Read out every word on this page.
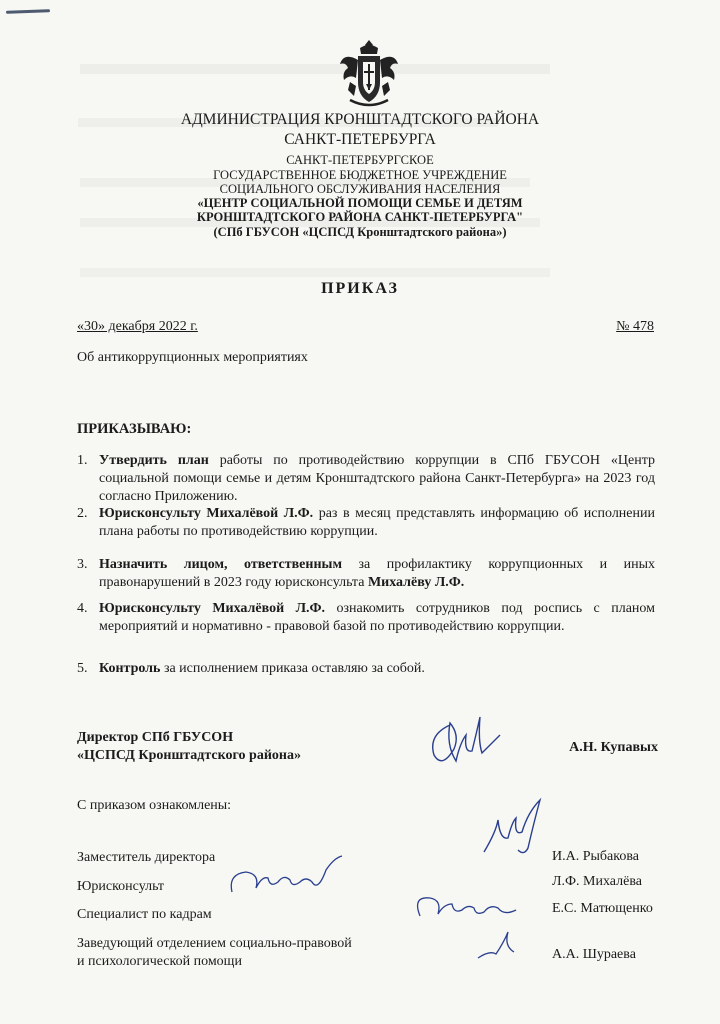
АДМИНИСТРАЦИЯ КРОНШТАДТСКОГО РАЙОНА
САНКТ-ПЕТЕРБУРГА
САНКТ-ПЕТЕРБУРГСКОЕ
ГОСУДАРСТВЕННОЕ БЮДЖЕТНОЕ УЧРЕЖДЕНИЕ
СОЦИАЛЬНОГО ОБСЛУЖИВАНИЯ НАСЕЛЕНИЯ
«ЦЕНТР СОЦИАЛЬНОЙ ПОМОЩИ СЕМЬЕ И ДЕТЯМ
КРОНШТАДТСКОГО РАЙОНА САНКТ-ПЕТЕРБУРГА"
(СПб ГБУСОН «ЦСПСД Кронштадтского района»)
ПРИКАЗ
«30» декабря 2022 г.	№ 478
Об антикоррупционных мероприятиях
ПРИКАЗЫВАЮ:
1. Утвердить план работы по противодействию коррупции в СПб ГБУСОН «Центр социальной помощи семье и детям Кронштадтского района Санкт-Петербурга» на 2023 год согласно Приложению.
2. Юрисконсульту Михалёвой Л.Ф. раз в месяц представлять информацию об исполнении плана работы по противодействию коррупции.
3. Назначить лицом, ответственным за профилактику коррупционных и иных правонарушений в 2023 году юрисконсульта Михалёву Л.Ф.
4. Юрисконсульту Михалёвой Л.Ф. ознакомить сотрудников под роспись с планом мероприятий и нормативно - правовой базой по противодействию коррупции.
5. Контроль за исполнением приказа оставляю за собой.
Директор СПб ГБУСОН
«ЦСПСД Кронштадтского района»
А.Н. Купавых
С приказом ознакомлены:
Заместитель директора
Юрисконсульт
Специалист по кадрам
Заведующий отделением социально-правовой
и психологической помощи
И.А. Рыбакова
Л.Ф. Михалёва
Е.С. Матющенко
А.А. Шураева
